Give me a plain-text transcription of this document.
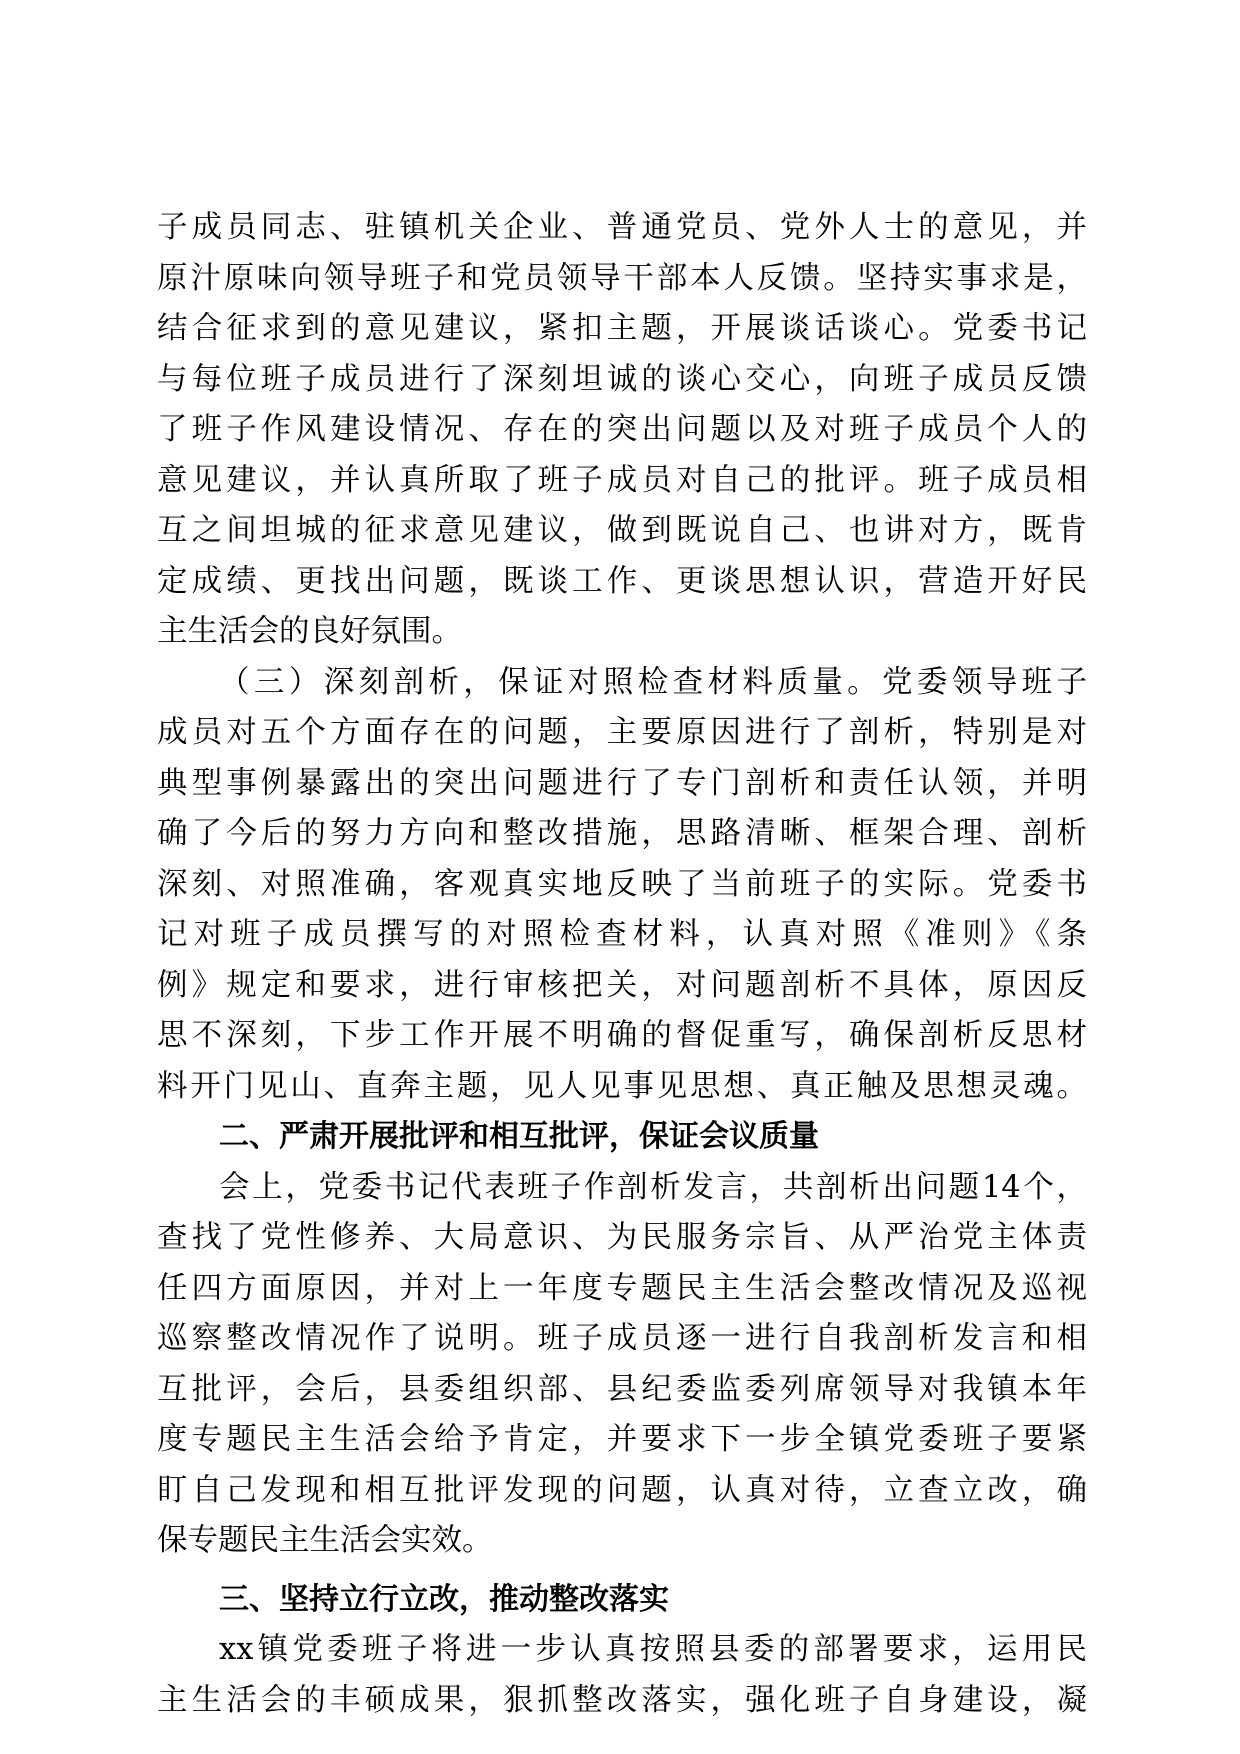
子成员同志、驻镇机关企业、普通党员、党外人士的意见，并
原汁原味向领导班子和党员领导干部本人反馈。坚持实事求是，
结合征求到的意见建议，紧扣主题，开展谈话谈心。党委书记
与每位班子成员进行了深刻坦诚的谈心交心，向班子成员反馈
了班子作风建设情况、存在的突出问题以及对班子成员个人的
意见建议，并认真所取了班子成员对自己的批评。班子成员相
互之间坦城的征求意见建议，做到既说自己、也讲对方，既肯
定成绩、更找出问题，既谈工作、更谈思想认识，营造开好民
主生活会的良好氛围。
（三）深刻剖析，保证对照检查材料质量。党委领导班子
成员对五个方面存在的问题，主要原因进行了剖析，特别是对
典型事例暴露出的突出问题进行了专门剖析和责任认领，并明
确了今后的努力方向和整改措施，思路清晰、框架合理、剖析
深刻、对照准确，客观真实地反映了当前班子的实际。党委书
记对班子成员撰写的对照检查材料，认真对照《准则》《条
例》规定和要求，进行审核把关，对问题剖析不具体，原因反
思不深刻，下步工作开展不明确的督促重写，确保剖析反思材
料开门见山、直奔主题，见人见事见思想、真正触及思想灵魂。
二、严肃开展批评和相互批评，保证会议质量
会上，党委书记代表班子作剖析发言，共剖析出问题14个，
查找了党性修养、大局意识、为民服务宗旨、从严治党主体责
任四方面原因，并对上一年度专题民主生活会整改情况及巡视
巡察整改情况作了说明。班子成员逐一进行自我剖析发言和相
互批评，会后，县委组织部、县纪委监委列席领导对我镇本年
度专题民主生活会给予肯定，并要求下一步全镇党委班子要紧
盯自己发现和相互批评发现的问题，认真对待，立查立改，确
保专题民主生活会实效。
三、坚持立行立改，推动整改落实
xx镇党委班子将进一步认真按照县委的部署要求，运用民
主生活会的丰硕成果，狠抓整改落实，强化班子自身建设，凝
